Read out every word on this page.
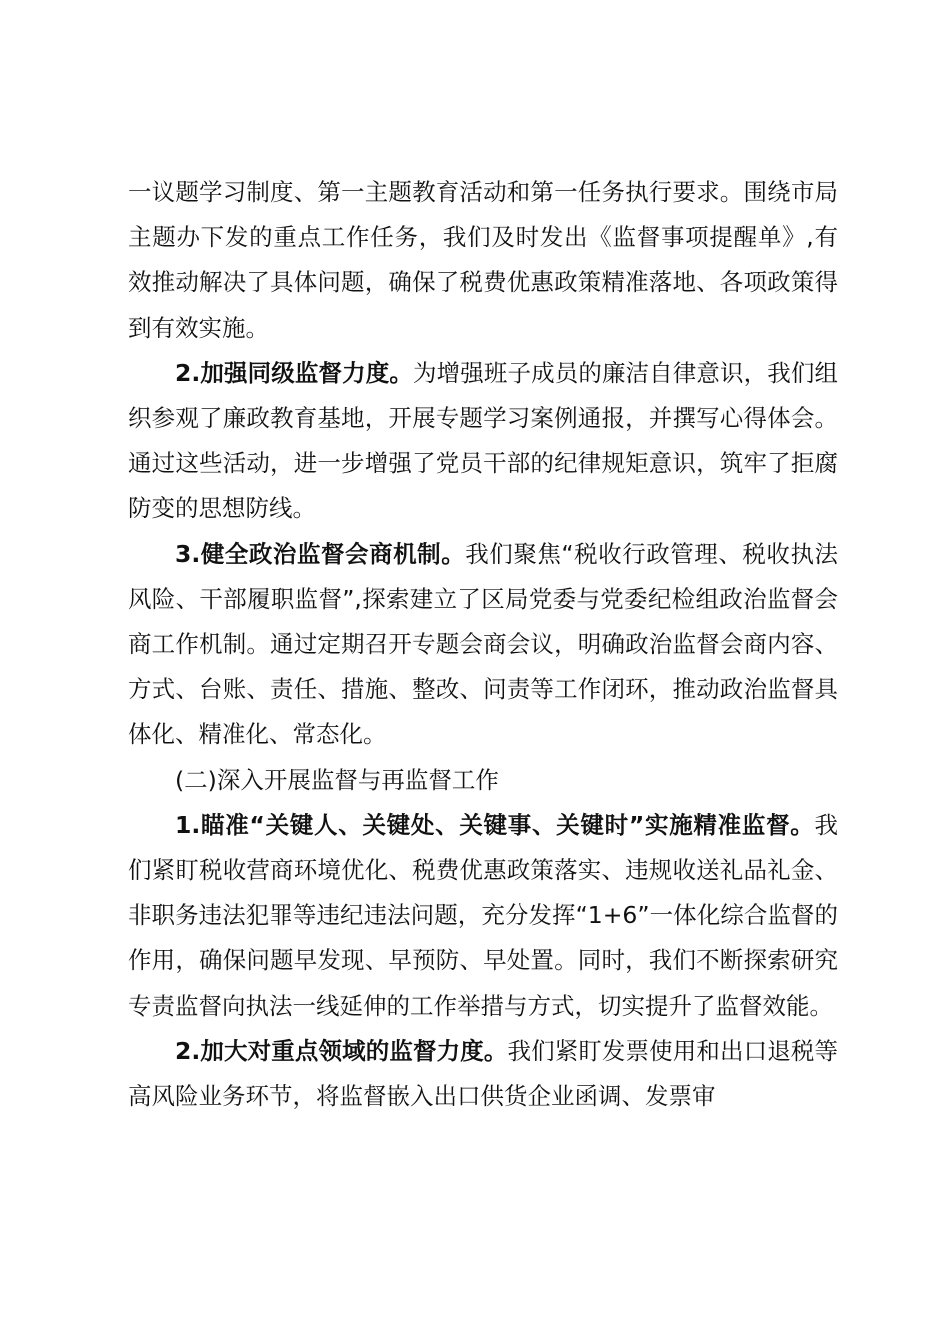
一议题学习制度、第一主题教育活动和第一任务执行要求。围绕市局主题办下发的重点工作任务，我们及时发出《监督事项提醒单》,有效推动解决了具体问题，确保了税费优惠政策精准落地、各项政策得到有效实施。

2.加强同级监督力度。为增强班子成员的廉洁自律意识，我们组织参观了廉政教育基地，开展专题学习案例通报，并撰写心得体会。通过这些活动，进一步增强了党员干部的纪律规矩意识，筑牢了拒腐防变的思想防线。

3.健全政治监督会商机制。我们聚焦“税收行政管理、税收执法风险、干部履职监督”,探索建立了区局党委与党委纪检组政治监督会商工作机制。通过定期召开专题会商会议，明确政治监督会商内容、方式、台账、责任、措施、整改、问责等工作闭环，推动政治监督具体化、精准化、常态化。

(二)深入开展监督与再监督工作

1.瞄准“关键人、关键处、关键事、关键时”实施精准监督。我们紧盯税收营商环境优化、税费优惠政策落实、违规收送礼品礼金、非职务违法犯罪等违纪违法问题，充分发挥“1+6”一体化综合监督的作用，确保问题早发现、早预防、早处置。同时，我们不断探索研究专责监督向执法一线延伸的工作举措与方式，切实提升了监督效能。

2.加大对重点领域的监督力度。我们紧盯发票使用和出口退税等高风险业务环节，将监督嵌入出口供货企业函调、发票审
